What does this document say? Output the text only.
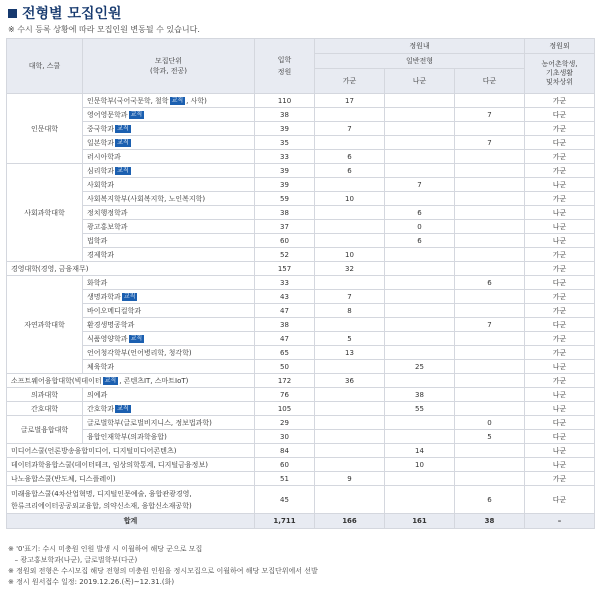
전형별 모집인원
※ 수시 등록 상황에 따라 모집인원 변동될 수 있습니다.
대학, 스쿨	모집단위
(학과, 전공)	입학
정원	정원내			정원외
			일반전형			농어촌학생,
기초생활
및차상위
			가군	나군	다군	
인문대학	인문학부(국어국문학, 철학 교직 , 사학)	110	17			가군
	영어영문학과 교직	38			7	다군
	중국학과 교직	39	7			가군
	일본학과 교직	35			7	다군
	러시아학과	33	6			가군
사회과학대학	심리학과 교직	39	6			가군
	사회학과	39		7		나군
	사회복지학부(사회복지학, 노인복지학)	59	10			가군
	정치행정학과	38		6		나군
	광고홍보학과	37		0		나군
	법학과	60		6		나군
	경제학과	52	10			가군
경영대학(경영, 금융재무)		157	32			가군
자연과학대학	화학과	33			6	다군
	생명과학과 교직	43	7			가군
	바이오메디컬학과	47	8			가군
	환경생명공학과	38			7	다군
	식품영양학과 교직	47	5			가군
	언어청각학부(언어병리학, 청각학)	65	13			가군
	체육학과	50		25		나군
소프트웨어융합대학(빅데이터 교직 , 콘텐츠IT, 스마트IoT)		172	36			가군
의과대학	의예과	76		38		나군
간호대학	간호학과 교직	105		55		나군
글로벌융합대학	글로벌학부(글로벌비지니스, 정보법과학)	29			0	다군
	융합인재학부(의과학융합)	30			5	다군
미디어스쿨(언론방송융합미디어, 디지털미디어콘텐츠)		84		14		나군
데이터과학융합스쿨(데이터테크, 임상의학통계, 디지털금융정보)		60		10		나군
나노융합스쿨(반도체, 디스플레이)		51	9			가군
미래융합스쿨(4차산업혁명, 디지털인문예술, 융합관광경영,
한류크리에이터공공외교융합, 의약신소재, 융합신소재공학)		45			6	다군
합계		1,711	166	161	38	–
※ '0'표기: 수시 미충원 인원 발생 시 이월하여 해당 군으로 모집
– 광고홍보학과(나군), 글로벌학부(다군)
※ 정원외 전형은 수시모집 해당 전형의 미충원 인원을 정시모집으로 이월하여 해당 모집단위에서 선발
※ 정시 원서접수 일정: 2019.12.26.(목)~12.31.(화)
